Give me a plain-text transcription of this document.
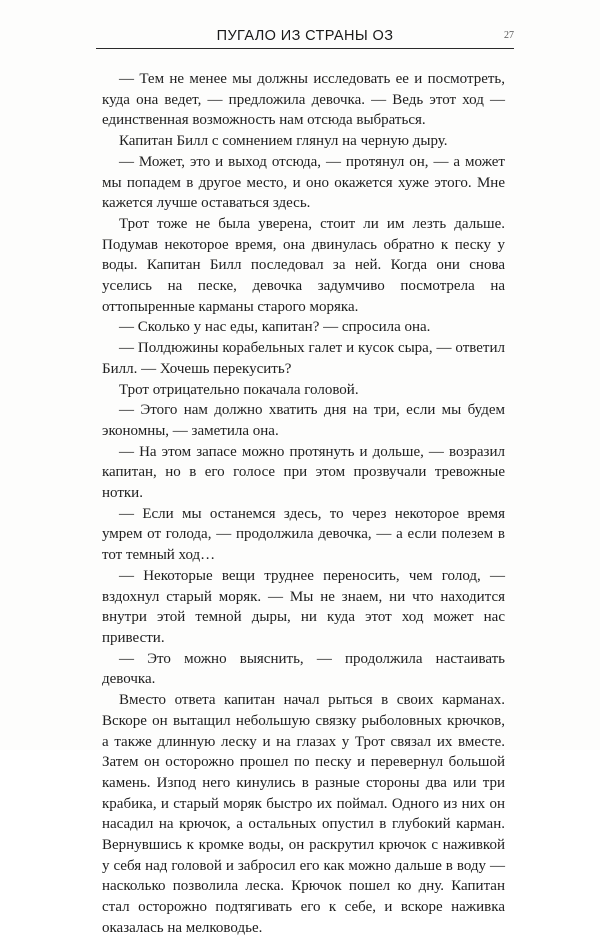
ПУГАЛО ИЗ СТРАНЫ ОЗ	27

— Тем не менее мы должны исследовать ее и посмотреть, куда она ведет, — предложила девочка. — Ведь этот ход — единственная возможность нам отсюда выбраться.

Капитан Билл с сомнением глянул на черную дыру.

— Может, это и выход отсюда, — протянул он, — а может мы попадем в другое место, и оно окажется хуже этого. Мне кажется лучше оставаться здесь.

Трот тоже не была уверена, стоит ли им лезть дальше. Подумав некоторое время, она двинулась обратно к песку у воды. Капитан Билл последовал за ней. Когда они снова уселись на песке, девочка задумчиво посмотрела на оттопыренные карманы старого моряка.

— Сколько у нас еды, капитан? — спросила она.

— Полдюжины корабельных галет и кусок сыра, — ответил Билл. — Хочешь перекусить?

Трот отрицательно покачала головой.

— Этого нам должно хватить дня на три, если мы будем экономны, — заметила она.

— На этом запасе можно протянуть и дольше, — возразил капитан, но в его голосе при этом прозвучали тревожные нотки.

— Если мы останемся здесь, то через некоторое время умрем от голода, — продолжила девочка, — а если полезем в тот темный ход…

— Некоторые вещи труднее переносить, чем голод, — вздохнул старый моряк. — Мы не знаем, ни что находится внутри этой темной дыры, ни куда этот ход может нас привести.

— Это можно выяснить, — продолжила настаивать девочка.

Вместо ответа капитан начал рыться в своих карманах. Вскоре он вытащил небольшую связку рыболовных крючков, а также длинную леску и на глазах у Трот связал их вместе. Затем он осторожно прошел по песку и перевернул большой камень. Изпод него кинулись в разные стороны два или три крабика, и старый моряк быстро их поймал. Одного из них он насадил на крючок, а остальных опустил в глубокий карман. Вернувшись к кромке воды, он раскрутил крючок с наживкой у себя над головой и забросил его как можно дальше в воду — насколько позволила леска. Крючок пошел ко дну. Капитан стал осторожно подтягивать его к себе, и вскоре наживка оказалась на мелководье.
